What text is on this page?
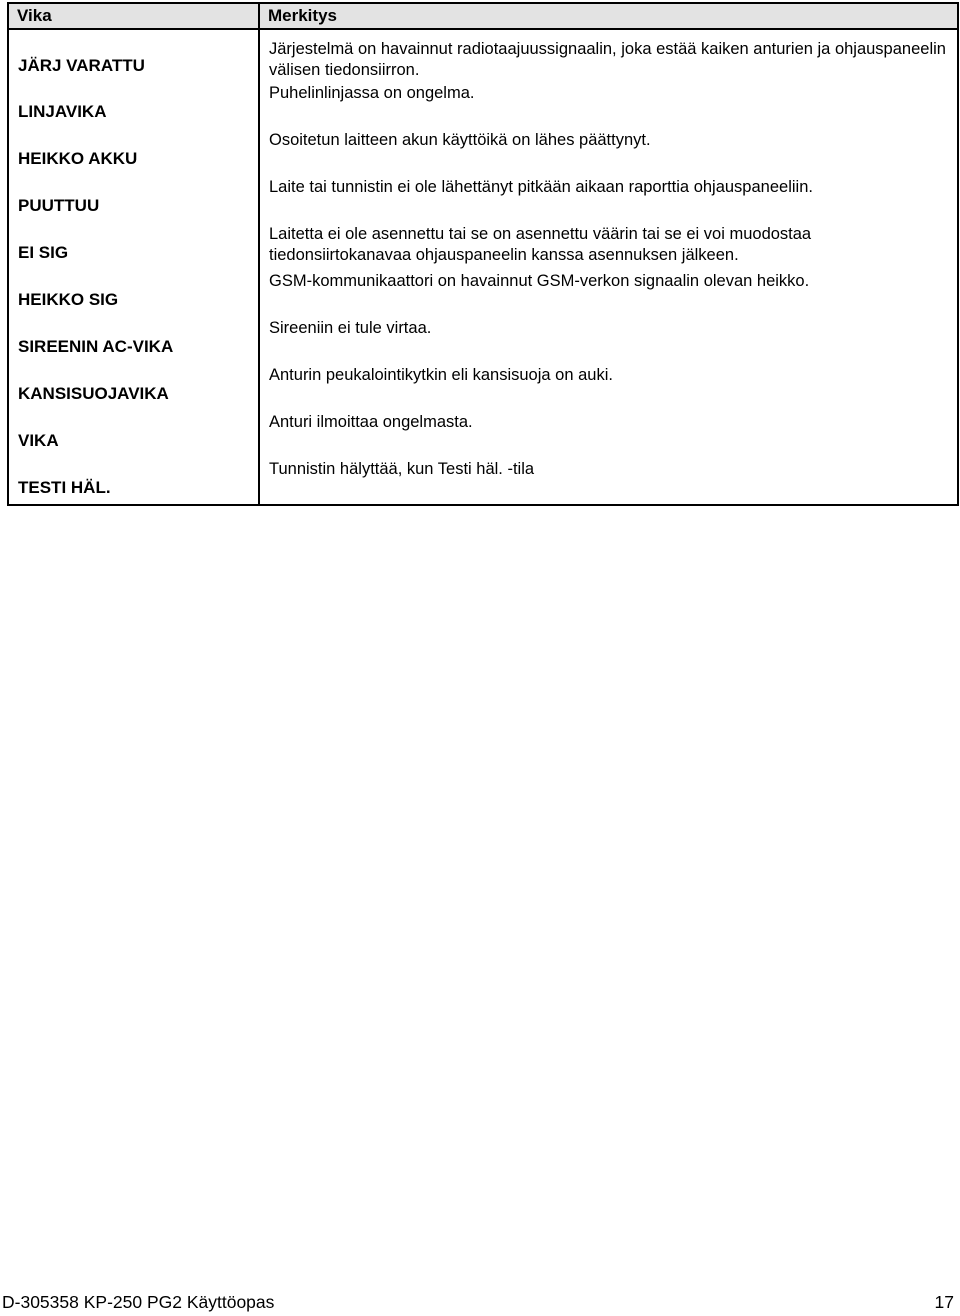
Vika	Merkitys

JÄRJ VARATTU	Järjestelmä on havainnut radiotaajuussignaalin, joka estää kaiken anturien ja ohjauspaneelin välisen tiedonsiirron.

LINJAVIKA	Puhelinlinjassa on ongelma.

HEIKKO AKKU	Osoitetun laitteen akun käyttöikä on lähes päättynyt.

PUUTTUU	Laite tai tunnistin ei ole lähettänyt pitkään aikaan raporttia ohjauspaneeliin.

EI SIG	Laitetta ei ole asennettu tai se on asennettu väärin tai se ei voi muodostaa tiedonsiirtokanavaa ohjauspaneelin kanssa asennuksen jälkeen.

HEIKKO SIG	GSM-kommunikaattori on havainnut GSM-verkon signaalin olevan heikko.

SIREENIN AC-VIKA	Sireeniin ei tule virtaa.

KANSISUOJAVIKA	Anturin peukalointikytkin eli kansisuoja on auki.

VIKA	Anturi ilmoittaa ongelmasta.

TESTI HÄL.	Tunnistin hälyttää, kun Testi häl. -tila
D-305358 KP-250 PG2 Käyttöopas	17
